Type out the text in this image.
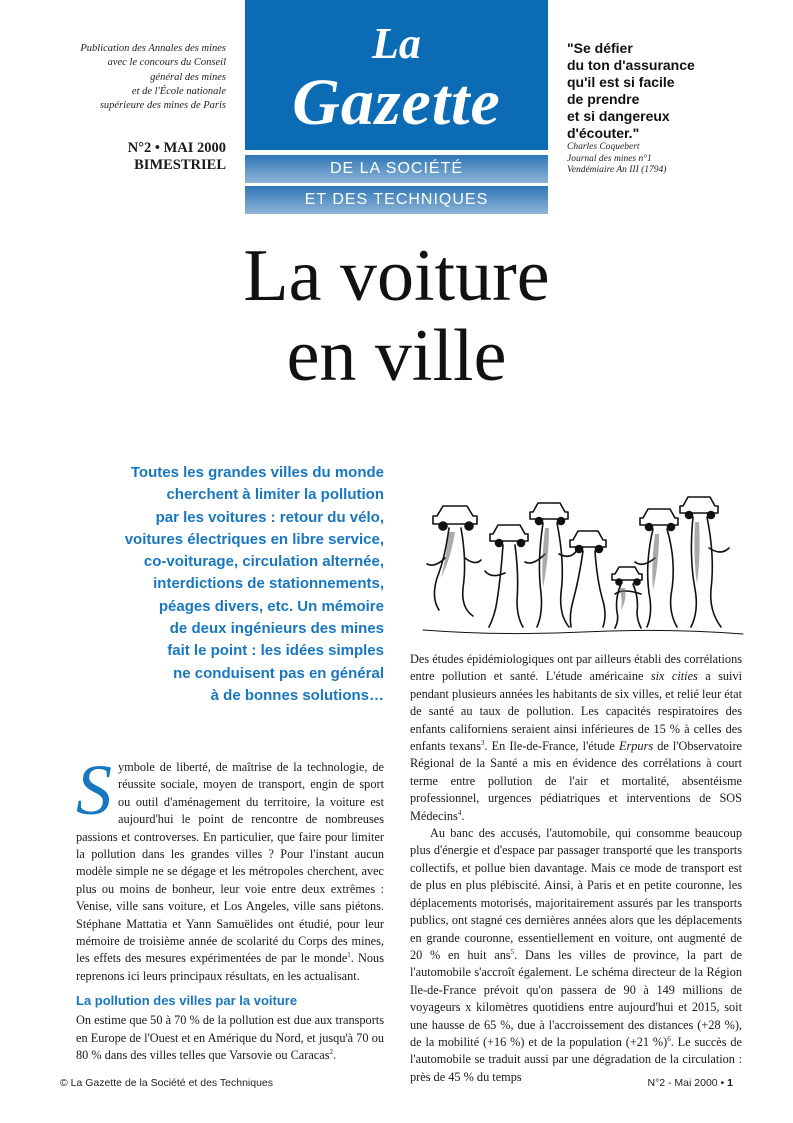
Publication des Annales des mines
avec le concours du Conseil
général des mines
et de l'École nationale
supérieure des mines de Paris
N°2 • MAI 2000
BIMESTRIEL
La
Gazette
DE LA SOCIÉTÉ
ET DES TECHNIQUES
"Se défier
du ton d'assurance
qu'il est si facile
de prendre
et si dangereux
d'écouter."
Charles Coquebert
Journal des mines n°1
Vendémiaire An III (1794)
La voiture
en ville
Toutes les grandes villes du monde
cherchent à limiter la pollution
par les voitures : retour du vélo,
voitures électriques en libre service,
co-voiturage, circulation alternée,
interdictions de stationnements,
péages divers, etc. Un mémoire
de deux ingénieurs des mines
fait le point : les idées simples
ne conduisent pas en général
à de bonnes solutions…

Symbole de liberté, de maîtrise de la technologie, de réussite sociale, moyen de transport, engin de sport ou outil d'aménagement du territoire, la voiture est aujourd'hui le point de rencontre de nombreuses passions et controverses. En particulier, que faire pour limiter la pollution dans les grandes villes ? Pour l'instant aucun modèle simple ne se dégage et les métropoles cherchent, avec plus ou moins de bonheur, leur voie entre deux extrêmes : Venise, ville sans voiture, et Los Angeles, ville sans piétons. Stéphane Mattatia et Yann Samuëlides ont étudié, pour leur mémoire de troisième année de scolarité du Corps des mines, les effets des mesures expérimentées de par le monde$^1$. Nous reprenons ici leurs principaux résultats, en les actualisant.

La pollution des villes par la voiture

On estime que 50 à 70 % de la pollution est due aux transports en Europe de l'Ouest et en Amérique du Nord, et jusqu'à 70 ou 80 % dans des villes telles que Varsovie ou Caracas$^2$.

Des études épidémiologiques ont par ailleurs établi des corrélations entre pollution et santé. L'étude américaine six cities a suivi pendant plusieurs années les habitants de six villes, et relié leur état de santé au taux de pollution. Les capacités respiratoires des enfants californiens seraient ainsi inférieures de 15 % à celles des enfants texans$^3$. En Ile-de-France, l'étude Erpurs de l'Observatoire Régional de la Santé a mis en évidence des corrélations à court terme entre pollution de l'air et mortalité, absentéisme professionnel, urgences pédiatriques et interventions de SOS Médecins$^4$.

Au banc des accusés, l'automobile, qui consomme beaucoup plus d'énergie et d'espace par passager transporté que les transports collectifs, et pollue bien davantage. Mais ce mode de transport est de plus en plus plébiscité. Ainsi, à Paris et en petite couronne, les déplacements motorisés, majoritairement assurés par les transports publics, ont stagné ces dernières années alors que les déplacements en grande couronne, essentiellement en voiture, ont augmenté de 20 % en huit ans$^5$. Dans les villes de province, la part de l'automobile s'accroît également. Le schéma directeur de la Région Ile-de-France prévoit qu'on passera de 90 à 149 millions de voyageurs x kilomètres quotidiens entre aujourd'hui et 2015, soit une hausse de 65 %, due à l'accroissement des distances (+28 %), de la mobilité (+16 %) et de la population (+21 %)$^6$. Le succès de l'automobile se traduit aussi par une dégradation de la circulation : près de 45 % du temps

© La Gazette de la Société et des Techniques	N°2 - Mai 2000 • 1
